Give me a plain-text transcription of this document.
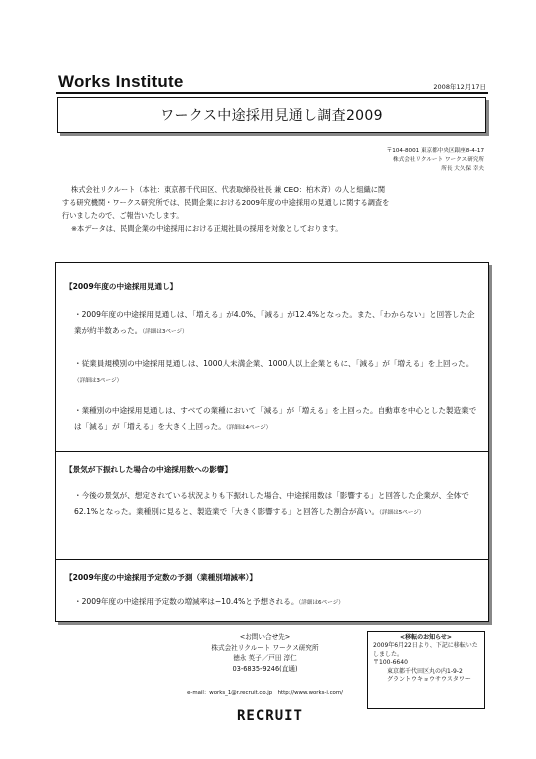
Works Institute	2008年12月17日
ワークス中途採用見通し調査2009
〒104-8001 東京都中央区銀座8-4-17
株式会社リクルート ワークス研究所
所長 大久保 幸夫
株式会社リクルート（本社：東京都千代田区、代表取締役社長 兼 CEO：柏木斉）の人と組織に関
する研究機関・ワークス研究所では、民間企業における2009年度の中途採用の見通しに関する調査を
行いましたので、ご報告いたします。
※本データは、民間企業の中途採用における正規社員の採用を対象としております。
【2009年度の中途採用見通し】
・2009年度の中途採用見通しは、「増える」が4.0%、「減る」が12.4%となった。また、「わからない」と回答した企業が約半数あった。（詳細は3ページ）
・従業員規模別の中途採用見通しは、1000人未満企業、1000人以上企業ともに、「減る」が「増える」を上回った。（詳細は3ページ）
・業種別の中途採用見通しは、すべての業種において「減る」が「増える」を上回った。自動車を中心とした製造業では「減る」が「増える」を大きく上回った。（詳細は4ページ）
【景気が下振れした場合の中途採用数への影響】
・今後の景気が、想定されている状況よりも下振れした場合、中途採用数は「影響する」と回答した企業が、全体で62.1%となった。業種別に見ると、製造業で「大きく影響する」と回答した割合が高い。（詳細は5ページ）
【2009年度の中途採用予定数の予測（業種別増減率）】
・2009年度の中途採用予定数の増減率は−10.4%と予想される。（詳細は6ページ）
<お問い合せ先>
株式会社リクルート ワークス研究所
徳永 英子／戸田 淳仁
03-6835-9246(直通)
e-mail：works_1@r.recruit.co.jp　http://www.works-i.com/
<移転のお知らせ>
2009年6月22日より、下記に移転いたしました。
〒100-6640
東京都千代田区丸の内1-9-2
グラントウキョウサウスタワー
RECRUIT
